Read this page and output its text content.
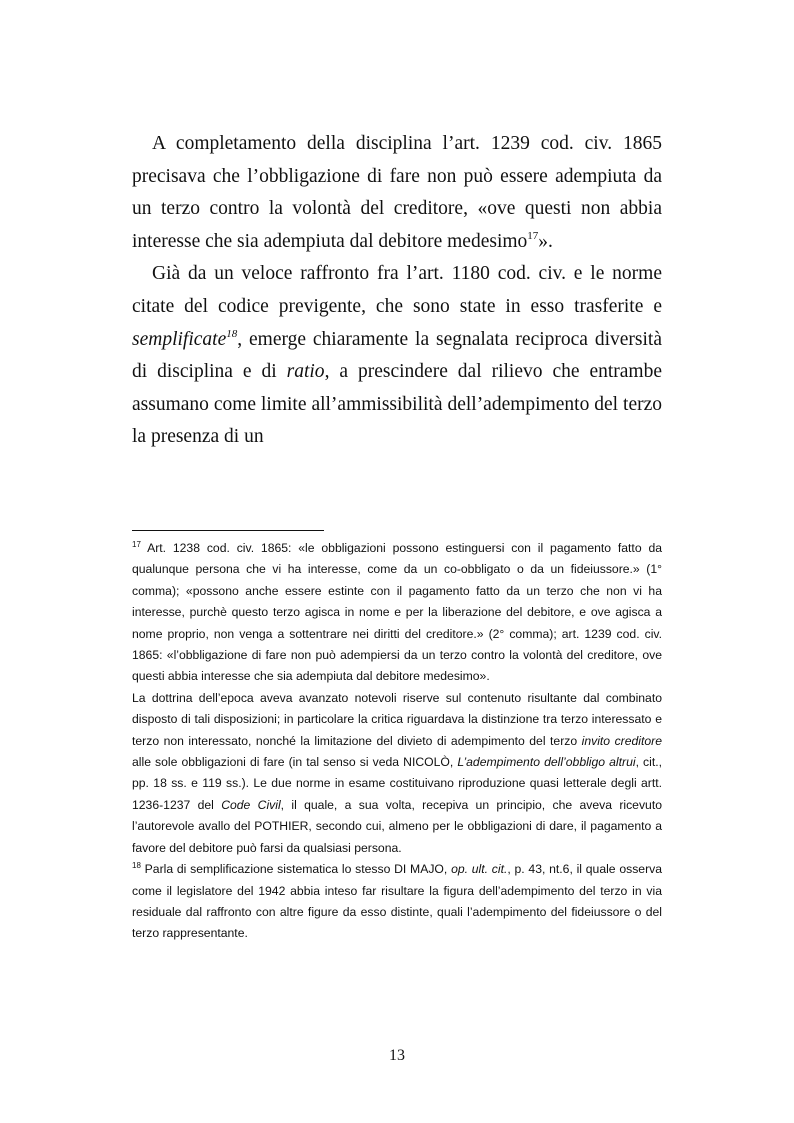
A completamento della disciplina l’art. 1239 cod. civ. 1865 precisava che l’obbligazione di fare non può essere adempiuta da un terzo contro la volontà del creditore, «ove questi non abbia interesse che sia adempiuta dal debitore medesimo$^{17}$».

Già da un veloce raffronto fra l’art. 1180 cod. civ. e le norme citate del codice previgente, che sono state in esso trasferite e semplificate$^{18}$, emerge chiaramente la segnalata reciproca diversità di disciplina e di ratio, a prescindere dal rilievo che entrambe assumano come limite all’ammissibilità dell’adempimento del terzo la presenza di un

$^{17}$ Art. 1238 cod. civ. 1865: «le obbligazioni possono estinguersi con il pagamento fatto da qualunque persona che vi ha interesse, come da un co-obbligato o da un fideiussore.» (1° comma); «possono anche essere estinte con il pagamento fatto da un terzo che non vi ha interesse, purchè questo terzo agisca in nome e per la liberazione del debitore, e ove agisca a nome proprio, non venga a sottentrare nei diritti del creditore.» (2° comma); art. 1239 cod. civ. 1865: «l’obbligazione di fare non può adempiersi da un terzo contro la volontà del creditore, ove questi abbia interesse che sia adempiuta dal debitore medesimo».

La dottrina dell’epoca aveva avanzato notevoli riserve sul contenuto risultante dal combinato disposto di tali disposizioni; in particolare la critica riguardava la distinzione tra terzo interessato e terzo non interessato, nonché la limitazione del divieto di adempimento del terzo invito creditore alle sole obbligazioni di fare (in tal senso si veda NICOLÒ, L’adempimento dell’obbligo altrui, cit., pp. 18 ss. e 119 ss.). Le due norme in esame costituivano riproduzione quasi letterale degli artt. 1236-1237 del Code Civil, il quale, a sua volta, recepiva un principio, che aveva ricevuto l’autorevole avallo del POTHIER, secondo cui, almeno per le obbligazioni di dare, il pagamento a favore del debitore può farsi da qualsiasi persona.

$^{18}$ Parla di semplificazione sistematica lo stesso DI MAJO, op. ult. cit., p. 43, nt.6, il quale osserva come il legislatore del 1942 abbia inteso far risultare la figura dell’adempimento del terzo in via residuale dal raffronto con altre figure da esso distinte, quali l’adempimento del fideiussore o del terzo rappresentante.

13
